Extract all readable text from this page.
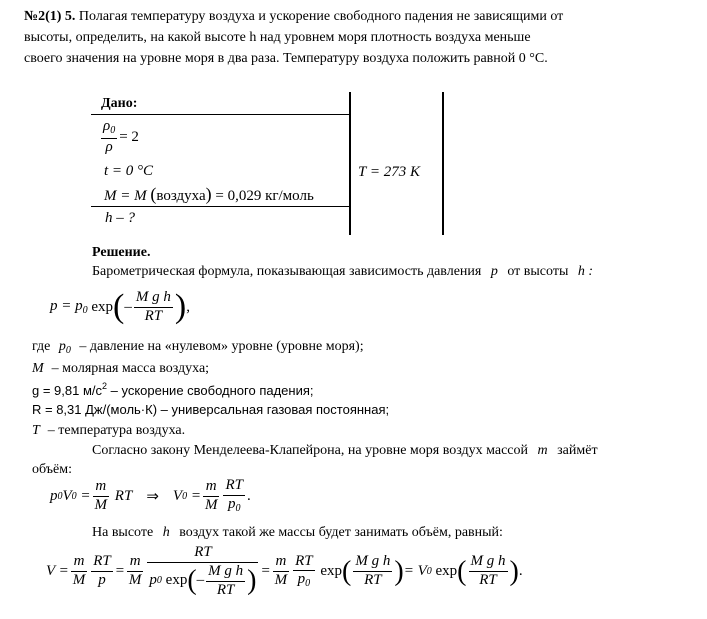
№2(1) 5. Полагая температуру воздуха и ускорение свободного падения не зависящими от
высоты, определить, на какой высоте h над уровнем моря плотность воздуха меньше
своего значения на уровне моря в два раза. Температуру воздуха положить равной 0 °С.
Дано:
$\frac{\rho_0}{\rho} = 2$
t = 0 °C
M = M (воздуха) = 0,029 кг/моль
h – ?
T = 273 К
Решение.
Барометрическая формула, показывающая зависимость давления p от высоты h :
$p = p_0$ exp ( – $\frac{\text{M g h}}{RT}$ ) ,
где $p_0$ – давление на «нулевом» уровне (уровне моря);
M – молярная масса воздуха;
g = 9,81 $м/с^2$ – ускорение свободного падения;
R = 8,31 Дж/(моль·К) – универсальная газовая постоянная;
T – температура воздуха.
Согласно закону Менделеева-Клапейрона, на уровне моря воздух массой m займёт
объём:
p 0 V $0 = \frac{m}{M}$ RT ⇒ V $0 = \frac{m}{M} \frac{RT}{p_0}$ .
На высоте h воздух такой же массы будет занимать объём, равный:
$V = \frac{m}{M} \frac{RT}{p} = \frac{m}{M}$ RT
p 0
exp ( – $\frac{\text{M g h}}{RT}$ ) = $\frac{m}{M} \frac{RT}{p_0}$ exp ( $\frac{\text{M g h}}{RT}$ ) = V 0 exp ( $\frac{\text{M g h}}{RT}$ ) .
